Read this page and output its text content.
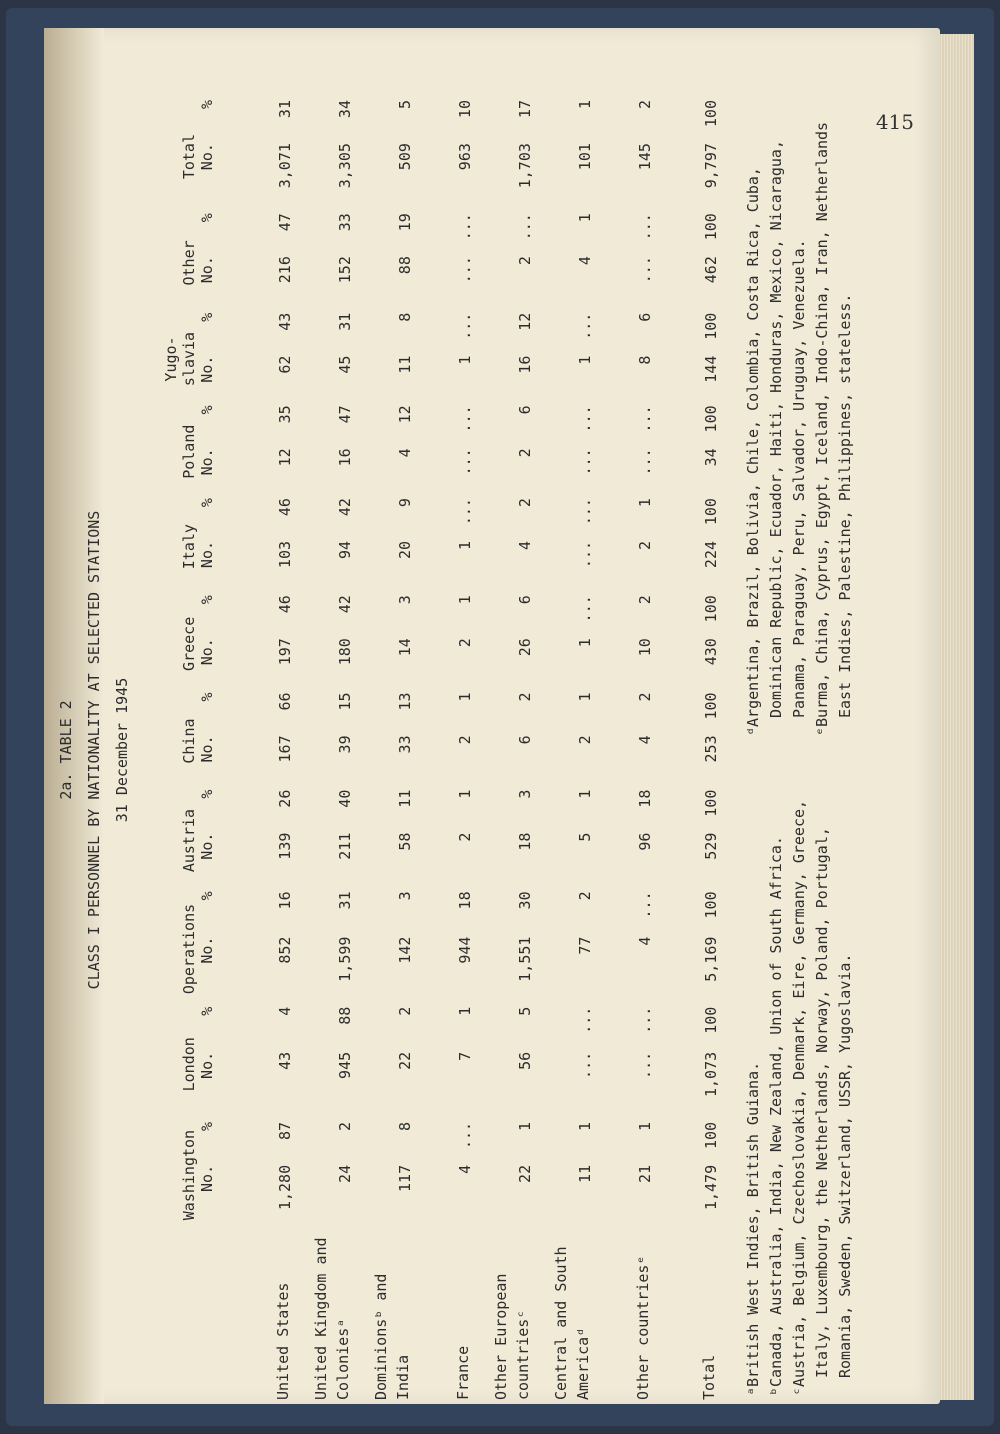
415
2a. TABLE 2 CLASS I PERSONNEL BY NATIONALITY AT SELECTED STATIONS 31 December 1945
	Washington		London		Operations		Austria		China		Greece		Italy		Poland		Yugo-
slavia		Other		Total	
	No.	%	No.	%	No.	%	No.	%	No.	%	No.	%	No.	%	No.	%	No.	%	No.	%	No.	%
United States	1,280	87	43	4	852	16	139	26	167	66	197	46	103	46	12	35	62	43	216	47	3,071	31
United Kingdom and Coloniesᵃ	24	2	945	88	1,599	31	211	40	39	15	180	42	94	42	16	47	45	31	152	33	3,305	34
Dominionsᵇ and India	117	8	22	2	142	3	58	11	33	13	14	3	20	9	4	12	11	8	88	19	509	5
France	4	...	7	1	944	18	2	1	2	1	2	1	1	...	...	...	1	...	...	...	963	10
Other European countriesᶜ	22	1	56	5	1,551	30	18	3	6	2	26	6	4	2	2	6	16	12	2	...	1,703	17
Central and South Americaᵈ	11	1	...	...	77	2	5	1	2	1	1	...	...	...	...	...	1	...	4	1	101	1
Other countriesᵉ	21	1	...	...	4	...	96	18	4	2	10	2	2	1	...	...	8	6	...	...	145	2
Total	1,479	100	1,073	100	5,169	100	529	100	253	100	430	100	224	100	34	100	144	100	462	100	9,797	100
ᵃBritish West Indies, British Guiana. ᵇCanada, Australia, India, New Zealand, Union of South Africa. ᶜAustria, Belgium, Czechoslovakia, Denmark, Eire, Germany, Greece, Italy, Luxembourg, the Netherlands, Norway, Poland, Portugal, Romania, Sweden, Switzerland, USSR, Yugoslavia.
ᵈArgentina, Brazil, Bolivia, Chile, Colombia, Costa Rica, Cuba, Dominican Republic, Ecuador, Haiti, Honduras, Mexico, Nicaragua, Panama, Paraguay, Peru, Salvador, Uruguay, Venezuela. ᵉBurma, China, Cyprus, Egypt, Iceland, Indo-China, Iran, Netherlands East Indies, Palestine, Philippines, stateless.
